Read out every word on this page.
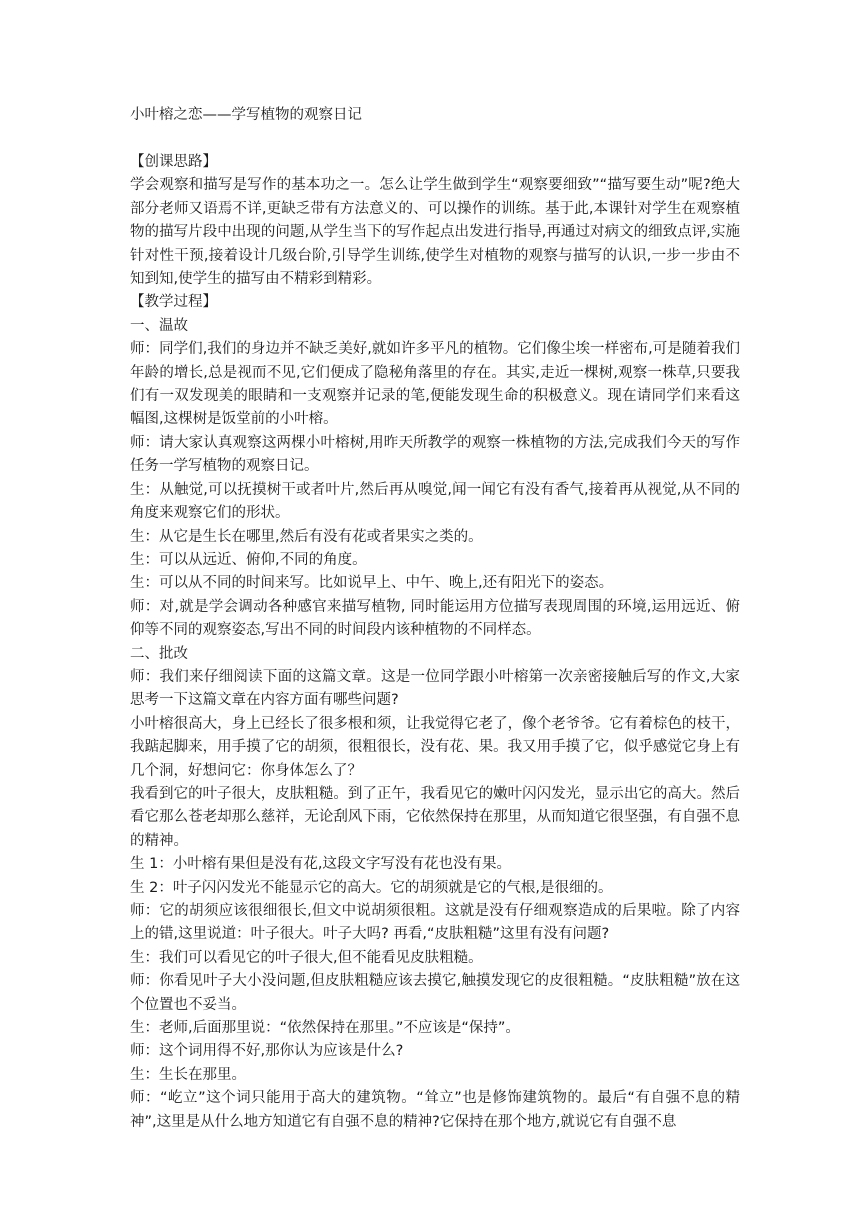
小叶榕之恋——学写植物的观察日记

【创课思路】

学会观察和描写是写作的基本功之一。怎么让学生做到学生“观察要细致”“描写要生动”呢?绝大部分老师又语焉不详,更缺乏带有方法意义的、可以操作的训练。基于此,本课针对学生在观察植物的描写片段中出现的问题,从学生当下的写作起点出发进行指导,再通过对病文的细致点评,实施针对性干预,接着设计几级台阶,引导学生训练,使学生对植物的观察与描写的认识,一步一步由不知到知,使学生的描写由不精彩到精彩。

【教学过程】

一、温故

师：同学们,我们的身边并不缺乏美好,就如许多平凡的植物。它们像尘埃一样密布,可是随着我们年龄的增长,总是视而不见,它们便成了隐秘角落里的存在。其实,走近一棵树,观察一株草,只要我们有一双发现美的眼睛和一支观察并记录的笔,便能发现生命的积极意义。现在请同学们来看这幅图,这棵树是饭堂前的小叶榕。

师：请大家认真观察这两棵小叶榕树,用昨天所教学的观察一株植物的方法,完成我们今天的写作任务一学写植物的观察日记。

生：从触觉,可以抚摸树干或者叶片,然后再从嗅觉,闻一闻它有没有香气,接着再从视觉,从不同的角度来观察它们的形状。

生：从它是生长在哪里,然后有没有花或者果实之类的。

生：可以从远近、俯仰,不同的角度。

生：可以从不同的时间来写。比如说早上、中午、晚上,还有阳光下的姿态。

师：对,就是学会调动各种感官来描写植物, 同时能运用方位描写表现周围的环境,运用远近、俯仰等不同的观察姿态,写出不同的时间段内该种植物的不同样态。

二、批改

师：我们来仔细阅读下面的这篇文章。这是一位同学跟小叶榕第一次亲密接触后写的作文,大家思考一下这篇文章在内容方面有哪些问题?

小叶榕很高大，身上已经长了很多根和须，让我觉得它老了，像个老爷爷。它有着棕色的枝干，我踮起脚来，用手摸了它的胡须，很粗很长，没有花、果。我又用手摸了它，似乎感觉它身上有几个洞，好想问它：你身体怎么了？

我看到它的叶子很大，皮肤粗糙。到了正午，我看见它的嫩叶闪闪发光，显示出它的高大。然后看它那么苍老却那么慈祥，无论刮风下雨，它依然保持在那里，从而知道它很坚强，有自强不息的精神。

生 1：小叶榕有果但是没有花,这段文字写没有花也没有果。

生 2：叶子闪闪发光不能显示它的高大。它的胡须就是它的气根,是很细的。

师：它的胡须应该很细很长,但文中说胡须很粗。这就是没有仔细观察造成的后果啦。除了内容上的错,这里说道：叶子很大。叶子大吗? 再看,“皮肤粗糙”这里有没有问题?

生：我们可以看见它的叶子很大,但不能看见皮肤粗糙。

师：你看见叶子大小没问题,但皮肤粗糙应该去摸它,触摸发现它的皮很粗糙。“皮肤粗糙”放在这个位置也不妥当。

生：老师,后面那里说：“依然保持在那里。”不应该是“保持”。

师：这个词用得不好,那你认为应该是什么?

生：生长在那里。

师：“屹立”这个词只能用于高大的建筑物。“耸立”也是修饰建筑物的。最后“有自强不息的精神”,这里是从什么地方知道它有自强不息的精神?它保持在那个地方,就说它有自强不息
